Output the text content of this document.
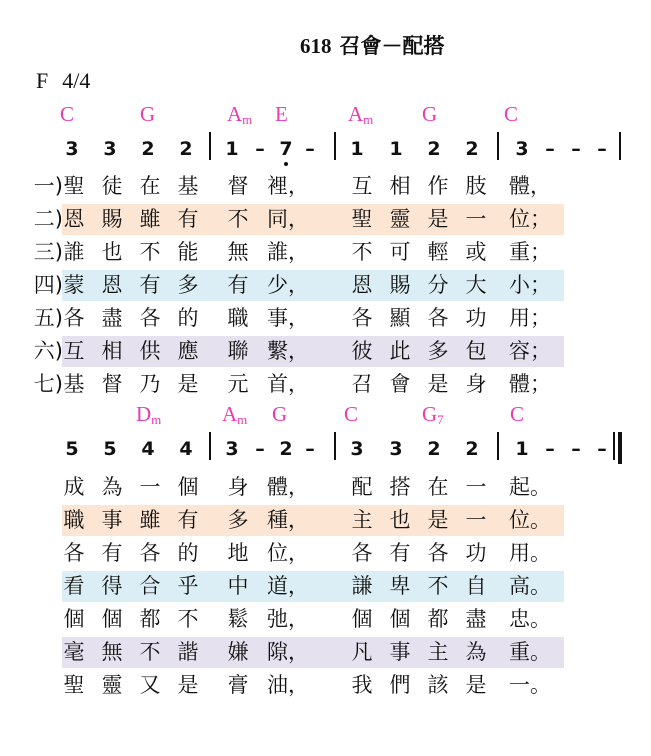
618 召會－配搭
F 4/4
C	G	$A_m$ E	$A_m$ G	C
3 3 2 2 1 – 7 – 1 1 2 2 3 – – –
一) 聖 徒 在 基 督 裡， 互 相 作 肢 體，
二) 恩 賜 雖 有 不 同， 聖 靈 是 一 位；
三) 誰 也 不 能 無 誰， 不 可 輕 或 重；
四) 蒙 恩 有 多 有 少， 恩 賜 分 大 小；
五) 各 盡 各 的 職 事， 各 顯 各 功 用；
六) 互 相 供 應 聯 繫， 彼 此 多 包 容；
七) 基 督 乃 是 元 首， 召 會 是 身 體；
$D_m$	$A_m$ G	C	$G_7$	C
5 5 4 4 3 – 2 – 3 3 2 2 1 – – –
成 為 一 個 身 體， 配 搭 在 一 起。
職 事 雖 有 多 種， 主 也 是 一 位。
各 有 各 的 地 位， 各 有 各 功 用。
看 得 合 乎 中 道， 謙 卑 不 自 高。
個 個 都 不 鬆 弛， 個 個 都 盡 忠。
毫 無 不 諧 嫌 隙， 凡 事 主 為 重。
聖 靈 又 是 膏 油， 我 們 該 是 一。
